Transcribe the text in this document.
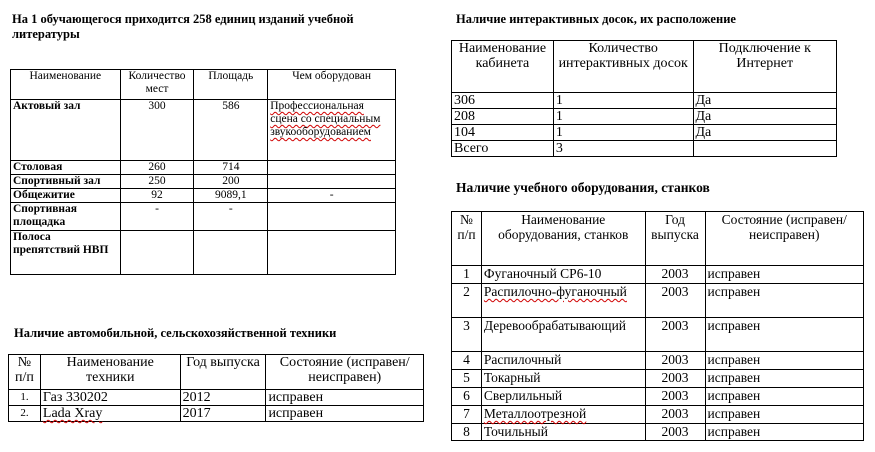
На 1 обучающегося приходится 258 единиц изданий учебной литературы
Наименование	Количество мест	Площадь	Чем оборудован
Актовый зал	300	586	Профессиональная сцена со специальным звукооборудованием
Столовая	260	714	
Спортивный зал	250	200	
Общежитие	92	9089,1	-
Спортивная площадка	-	-	
Полоса препятствий НВП			
Наличие автомобильной, сельскохозяйственной техники
№ п/п	Наименование техники	Год выпуска	Состояние (исправен/неисправен)
1.	Газ 330202	2012	исправен
2.	Lada Xray	2017	исправен
Наличие интерактивных досок, их расположение
Наименование кабинета	Количество интерактивных досок	Подключение к Интернет
306	1	Да
208	1	Да
104	1	Да
Всего	3	
Наличие учебного оборудования, станков
№ п/п	Наименование оборудования, станков	Год выпуска	Состояние (исправен/неисправен)
1	Фуганочный СР6-10	2003	исправен
2	Распилочно-фуганочный	2003	исправен
3	Деревообрабатывающий	2003	исправен
4	Распилочный	2003	исправен
5	Токарный	2003	исправен
6	Сверлильный	2003	исправен
7	Металлоотрезной	2003	исправен
8	Точильный	2003	исправен
